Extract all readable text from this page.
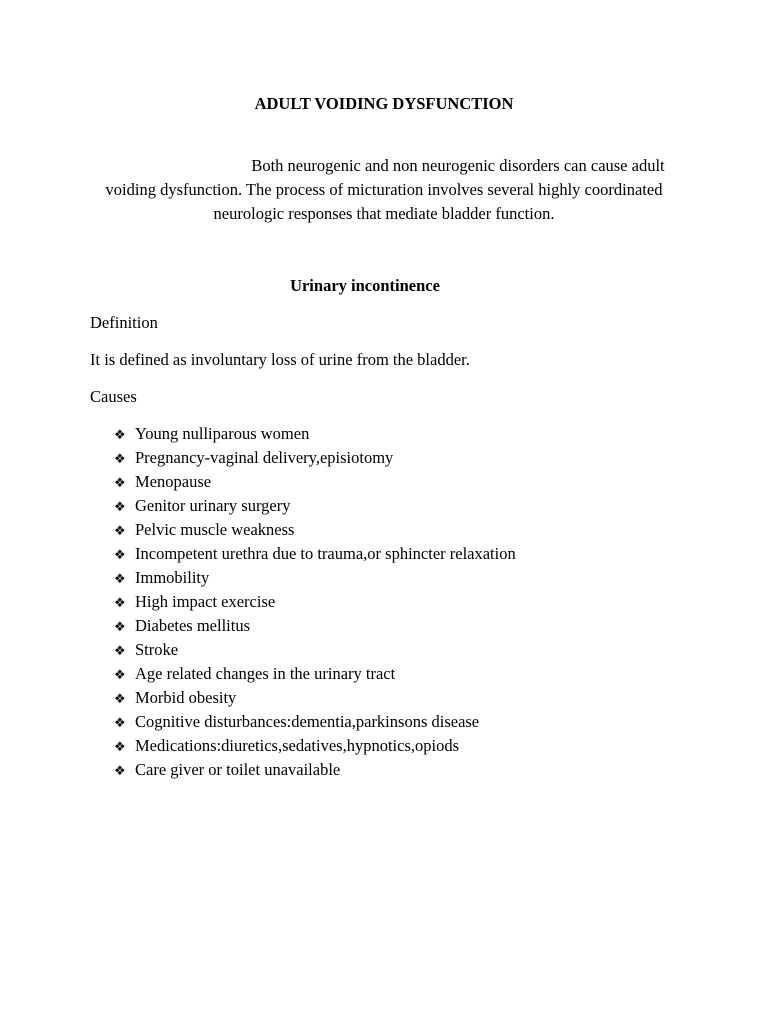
ADULT VOIDING DYSFUNCTION
Both neurogenic and non neurogenic disorders can cause adult voiding dysfunction. The process of micturation involves several highly coordinated neurologic responses that mediate bladder function.
Urinary incontinence
Definition
It is defined as involuntary loss of urine from the bladder.
Causes
❖ Young nulliparous women
❖ Pregnancy-vaginal delivery,episiotomy
❖ Menopause
❖ Genitor urinary surgery
❖ Pelvic muscle weakness
❖ Incompetent urethra due to trauma,or sphincter relaxation
❖ Immobility
❖ High impact exercise
❖ Diabetes mellitus
❖ Stroke
❖ Age related changes in the urinary tract
❖ Morbid obesity
❖ Cognitive disturbances:dementia,parkinsons disease
❖ Medications:diuretics,sedatives,hypnotics,opiods
❖ Care giver or toilet unavailable
